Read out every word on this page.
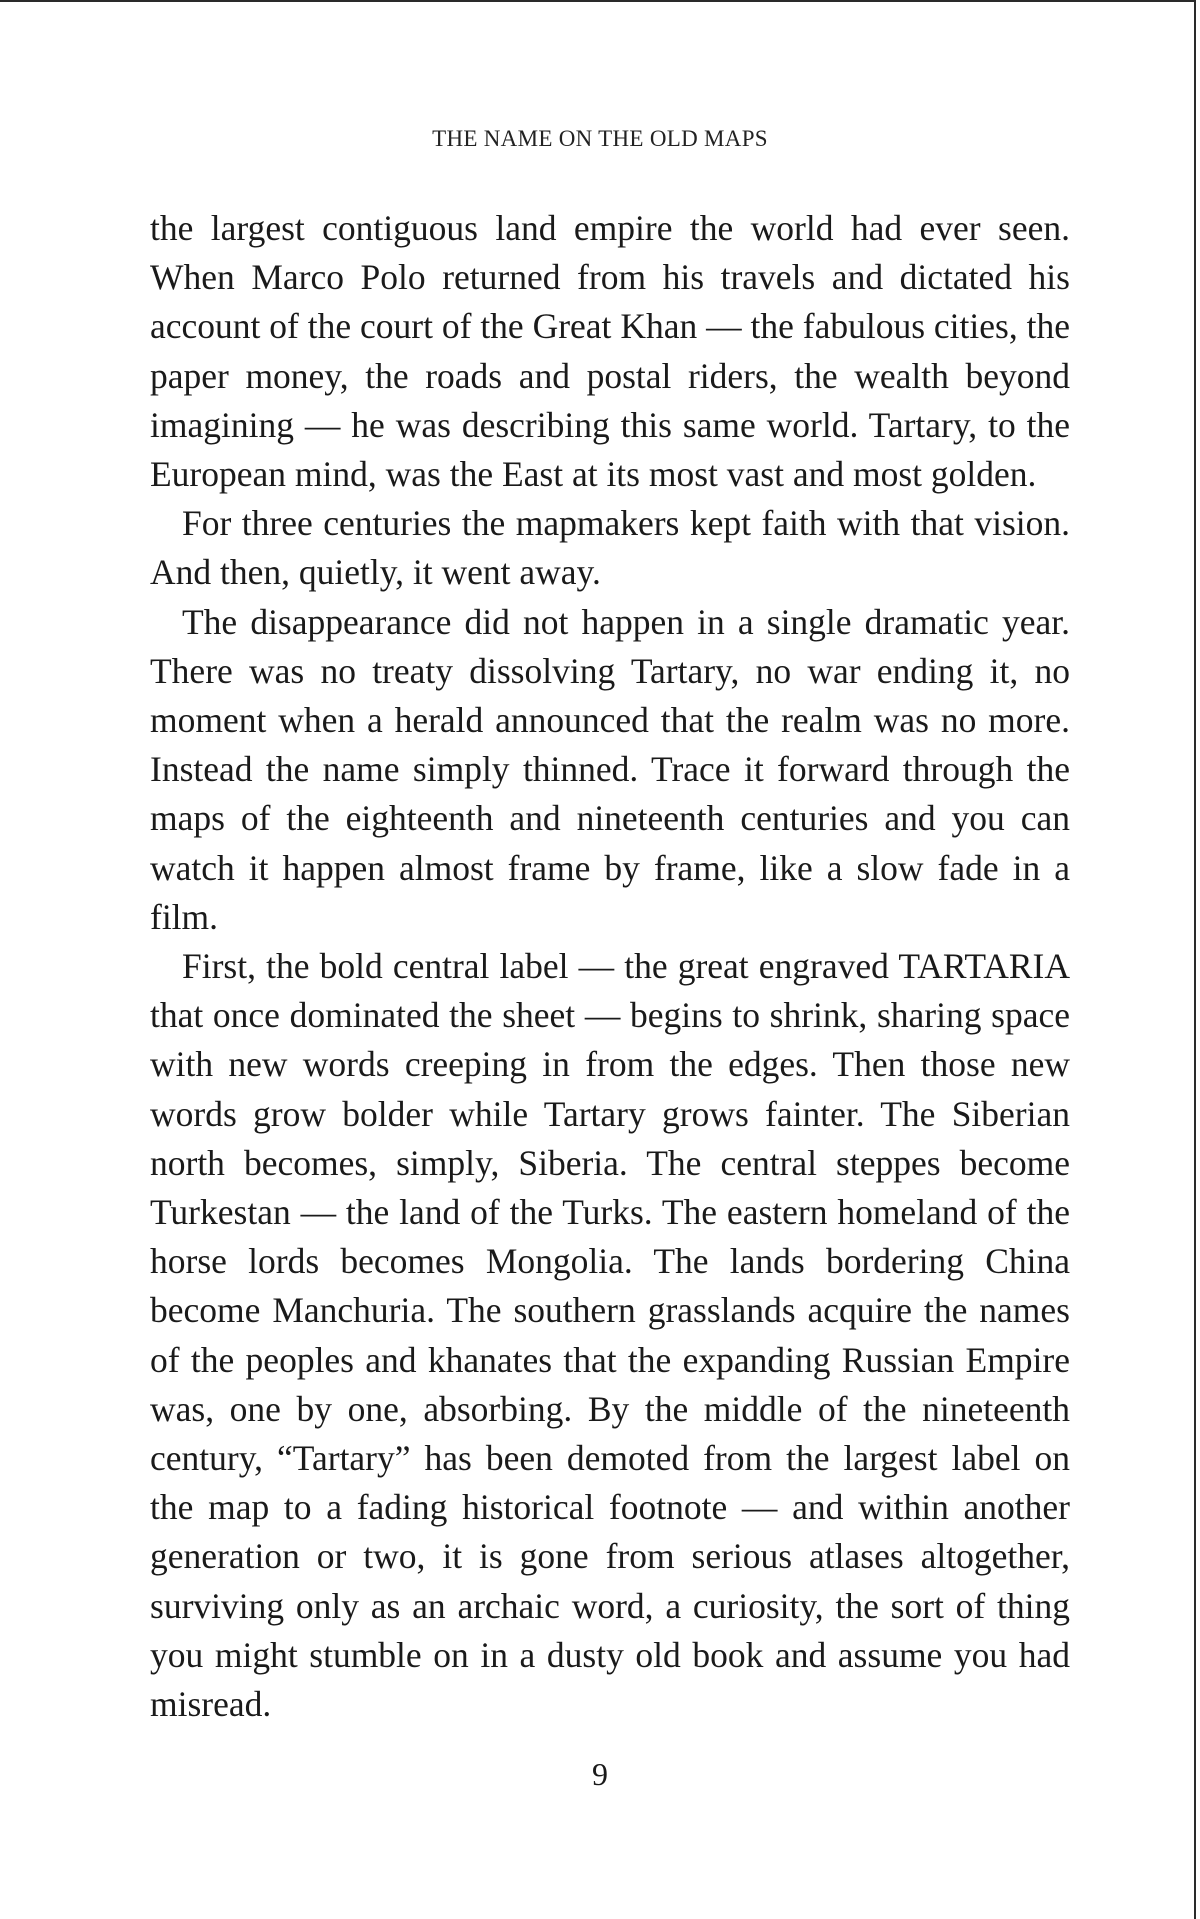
THE NAME ON THE OLD MAPS

the largest contiguous land empire the world had ever seen. When Marco Polo returned from his travels and dictated his account of the court of the Great Khan — the fabulous cities, the paper money, the roads and postal riders, the wealth beyond imagining — he was describing this same world. Tartary, to the European mind, was the East at its most vast and most golden.

For three centuries the mapmakers kept faith with that vision. And then, quietly, it went away.

The disappearance did not happen in a single dramatic year. There was no treaty dissolving Tartary, no war ending it, no moment when a herald announced that the realm was no more. Instead the name simply thinned. Trace it forward through the maps of the eighteenth and nineteenth centuries and you can watch it happen almost frame by frame, like a slow fade in a film.

First, the bold central label — the great engraved TARTARIA that once dominated the sheet — begins to shrink, sharing space with new words creeping in from the edges. Then those new words grow bolder while Tartary grows fainter. The Siberian north becomes, simply, Siberia. The central steppes become Turkestan — the land of the Turks. The eastern homeland of the horse lords becomes Mongolia. The lands bordering China become Manchuria. The southern grasslands acquire the names of the peoples and khanates that the expanding Russian Empire was, one by one, absorbing. By the middle of the nineteenth century, “Tartary” has been demoted from the largest label on the map to a fading historical footnote — and within another generation or two, it is gone from serious atlases altogether, surviving only as an archaic word, a curiosity, the sort of thing you might stumble on in a dusty old book and assume you had misread.

9
